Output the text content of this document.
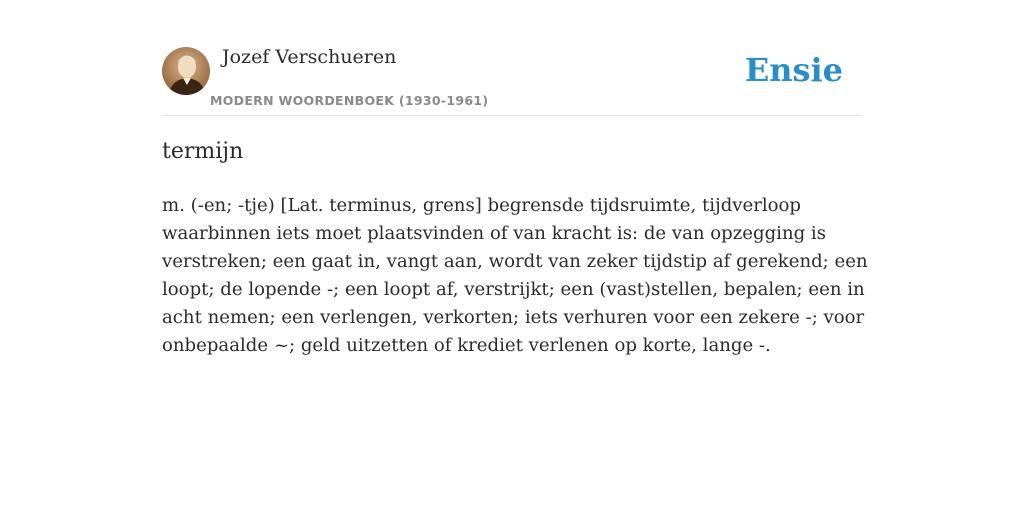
Jozef Verschueren
MODERN WOORDENBOEK (1930-1961)
Ensie
termijn

m. (-en; -tje) [Lat. terminus, grens] begrensde tijdsruimte, tijdverloop waarbinnen iets moet plaatsvinden of van kracht is: de van opzegging is verstreken; een gaat in, vangt aan, wordt van zeker tijdstip af gerekend; een loopt; de lopende -; een loopt af, verstrijkt; een (vast)stellen, bepalen; een in acht nemen; een verlengen, verkorten; iets verhuren voor een zekere -; voor onbepaalde ~; geld uitzetten of krediet verlenen op korte, lange -.
